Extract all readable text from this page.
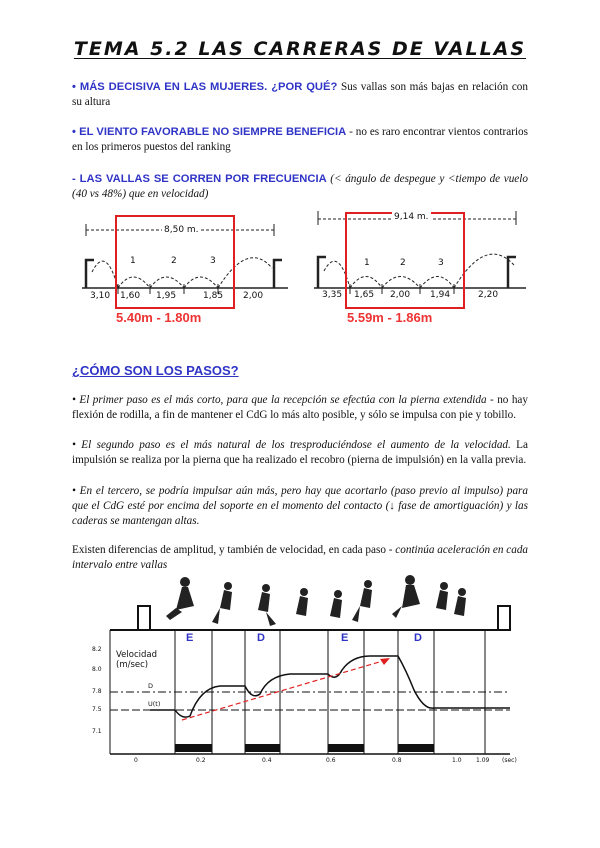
TEMA 5.2 LAS CARRERAS DE VALLAS
• MÁS DECISIVA EN LAS MUJERES. ¿POR QUÉ? Sus vallas son más bajas en relación con su altura
• EL VIENTO FAVORABLE NO SIEMPRE BENEFICIA - no es raro encontrar vientos contrarios en los primeros puestos del ranking
- LAS VALLAS SE CORREN POR FRECUENCIA (< ángulo de despegue y <tiempo de vuelo (40 vs 48%) que en velocidad)
8,50 m.
1	2	3
3,10 1,60 1,95	1,85 2,00
5.40m - 1.80m
9,14 m.
1	2	3
3,35 1,65 2,00 1,94	2,20
5.59m - 1.86m
¿CÓMO SON LOS PASOS?
• El primer paso es el más corto, para que la recepción se efectúa con la pierna extendida - no hay flexión de rodilla, a fin de mantener el CdG lo más alto posible, y sólo se impulsa con pie y tobillo.
• El segundo paso es el más natural de los tresproduciéndose el aumento de la velocidad. La impulsión se realiza por la pierna que ha realizado el recobro (pierna de impulsión) en la valla previa.
• En el tercero, se podría impulsar aún más, pero hay que acortarlo (paso previo al impulso) para que el CdG esté por encima del soporte en el momento del contacto (↓ fase de amortiguación) y las caderas se mantengan altas.
Existen diferencias de amplitud, y también de velocidad, en cada paso - continúa aceleración en cada intervalo entre vallas
Velocidad
(m/sec)
8.2
8.0
7.8
7.5
7.1
E	D	E	D
D
U(t)
0	0.2	0.4	0.6	0.8	1.0 1.09 (sec)
